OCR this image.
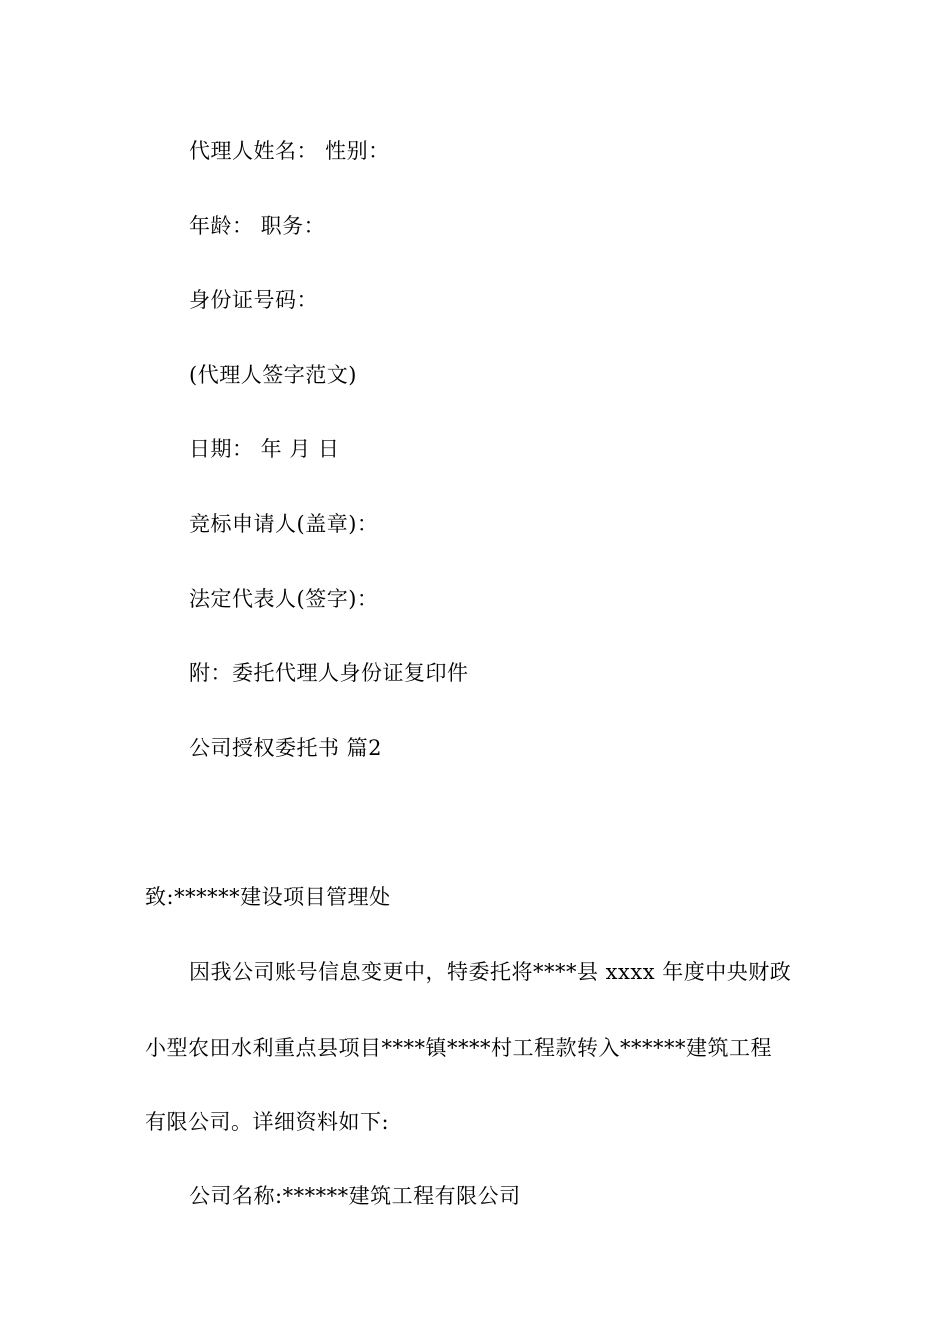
代理人姓名： 性别：
年龄： 职务：
身份证号码：
(代理人签字范文)
日期： 年 月 日
竞标申请人(盖章)：
法定代表人(签字)：
附：委托代理人身份证复印件
公司授权委托书 篇2
致:******建设项目管理处
因我公司账号信息变更中，特委托将****县 xxxx 年度中央财政
小型农田水利重点县项目****镇****村工程款转入******建筑工程
有限公司。详细资料如下:
公司名称:******建筑工程有限公司
